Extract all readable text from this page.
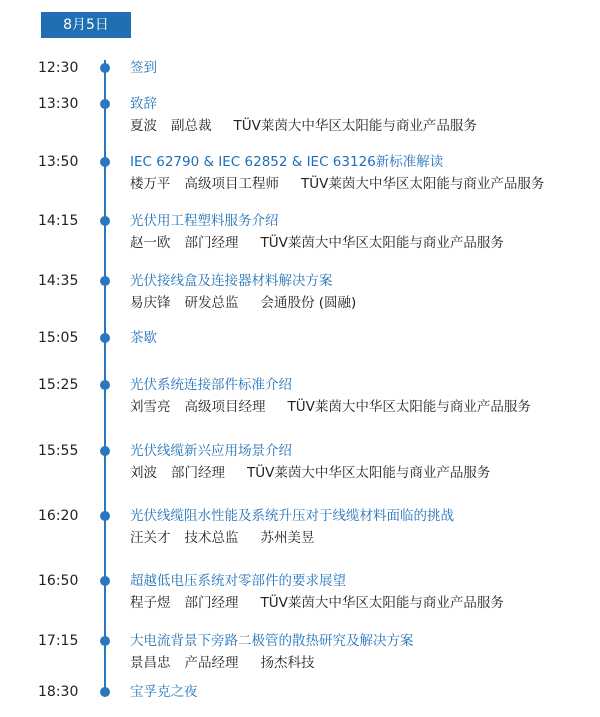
8月5日
12:30	签到
13:30	致辞
夏波 副总裁 TÜV莱茵大中华区太阳能与商业产品服务
13:50	IEC 62790 & IEC 62852 & IEC 63126新标准解读
楼万平 高级项目工程师 TÜV莱茵大中华区太阳能与商业产品服务
14:15	光伏用工程塑料服务介绍
赵一欧 部门经理 TÜV莱茵大中华区太阳能与商业产品服务
14:35	光伏接线盒及连接器材料解决方案
易庆锋 研发总监 会通股份 (圆融)
15:05	茶歇
15:25	光伏系统连接部件标准介绍
刘雪亮 高级项目经理 TÜV莱茵大中华区太阳能与商业产品服务
15:55	光伏线缆新兴应用场景介绍
刘波 部门经理 TÜV莱茵大中华区太阳能与商业产品服务
16:20	光伏线缆阻水性能及系统升压对于线缆材料面临的挑战
汪关才 技术总监 苏州美昱
16:50	超越低电压系统对零部件的要求展望
程子煜 部门经理 TÜV莱茵大中华区太阳能与商业产品服务
17:15	大电流背景下旁路二极管的散热研究及解决方案
景昌忠 产品经理 扬杰科技
18:30	宝孚克之夜
